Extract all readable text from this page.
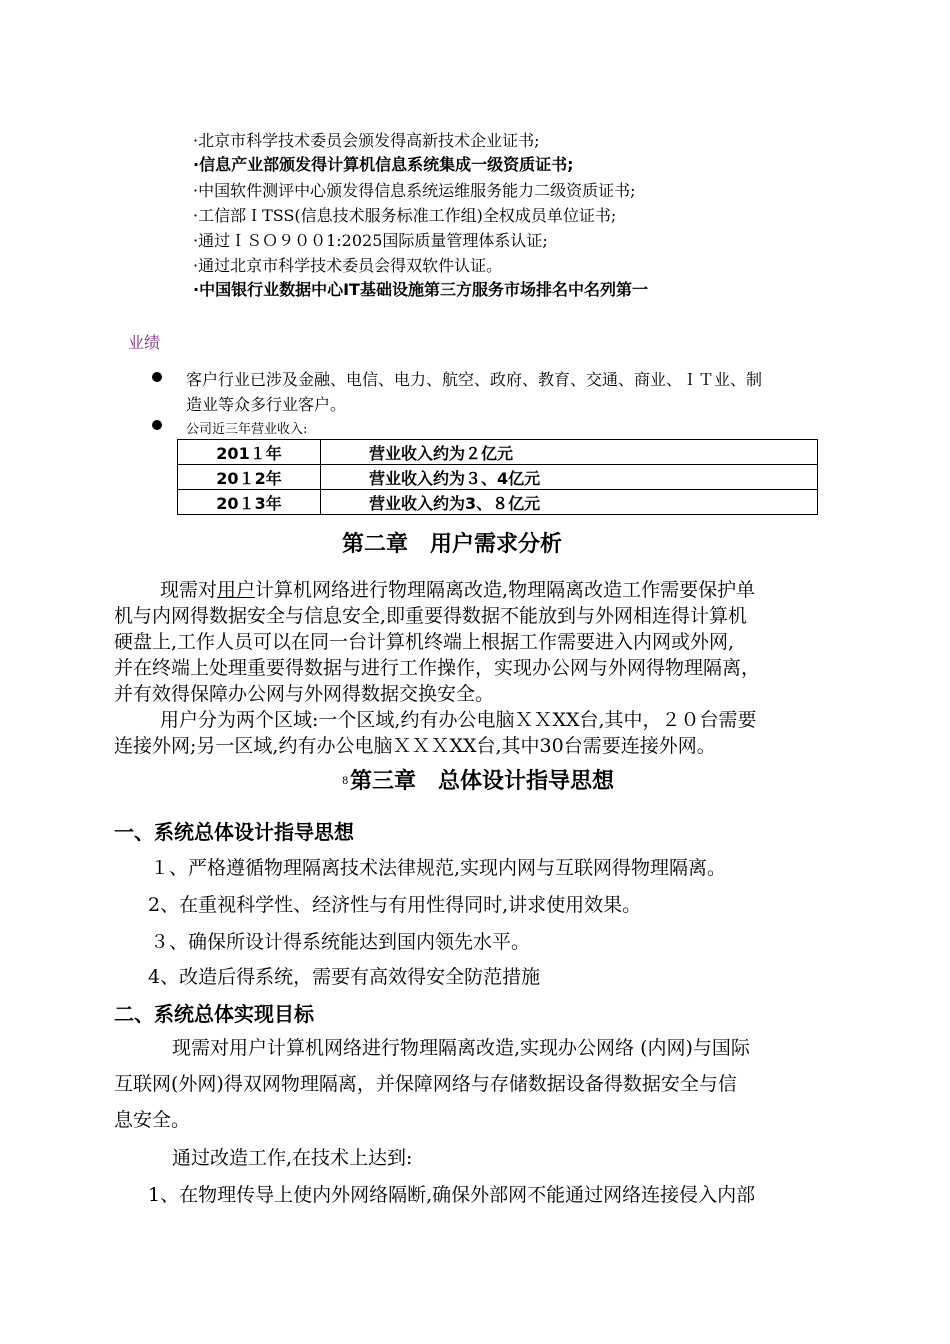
·北京市科学技术委员会颁发得高新技术企业证书;
·信息产业部颁发得计算机信息系统集成一级资质证书;
·中国软件测评中心颁发得信息系统运维服务能力二级资质证书;
·工信部ＩTSS(信息技术服务标准工作组)全权成员单位证书;
·通过ＩＳＯ９００1:2025国际质量管理体系认证;
·通过北京市科学技术委员会得双软件认证。
·中国银行业数据中心IT基础设施第三方服务市场排名中名列第一
业绩
客户行业已涉及金融、电信、电力、航空、政府、教育、交通、商业、ＩＴ业、制
造业等众多行业客户。
公司近三年营业收入:
201１年	营业收入约为２亿元
20１2年	营业收入约为３、4亿元
20１3年	营业收入约为3、８亿元
第二章　用户需求分析
现需对用户计算机网络进行物理隔离改造,物理隔离改造工作需要保护单
机与内网得数据安全与信息安全,即重要得数据不能放到与外网相连得计算机
硬盘上,工作人员可以在同一台计算机终端上根据工作需要进入内网或外网,
并在终端上处理重要得数据与进行工作操作，实现办公网与外网得物理隔离，
并有效得保障办公网与外网得数据交换安全。
用户分为两个区域:一个区域,约有办公电脑ＸＸXX台,其中，２０台需要
连接外网;另一区域,约有办公电脑ＸＸＸXX台,其中30台需要连接外网。
8 第三章　总体设计指导思想
一、系统总体设计指导思想
１、严格遵循物理隔离技术法律规范,实现内网与互联网得物理隔离。
2、在重视科学性、经济性与有用性得同时,讲求使用效果。
３、确保所设计得系统能达到国内领先水平。
4、改造后得系统，需要有高效得安全防范措施
二、系统总体实现目标
现需对用户计算机网络进行物理隔离改造,实现办公网络 (内网)与国际
互联网(外网)得双网物理隔离，并保障网络与存储数据设备得数据安全与信
息安全。
通过改造工作,在技术上达到:
1、在物理传导上使内外网络隔断,确保外部网不能通过网络连接侵入内部
